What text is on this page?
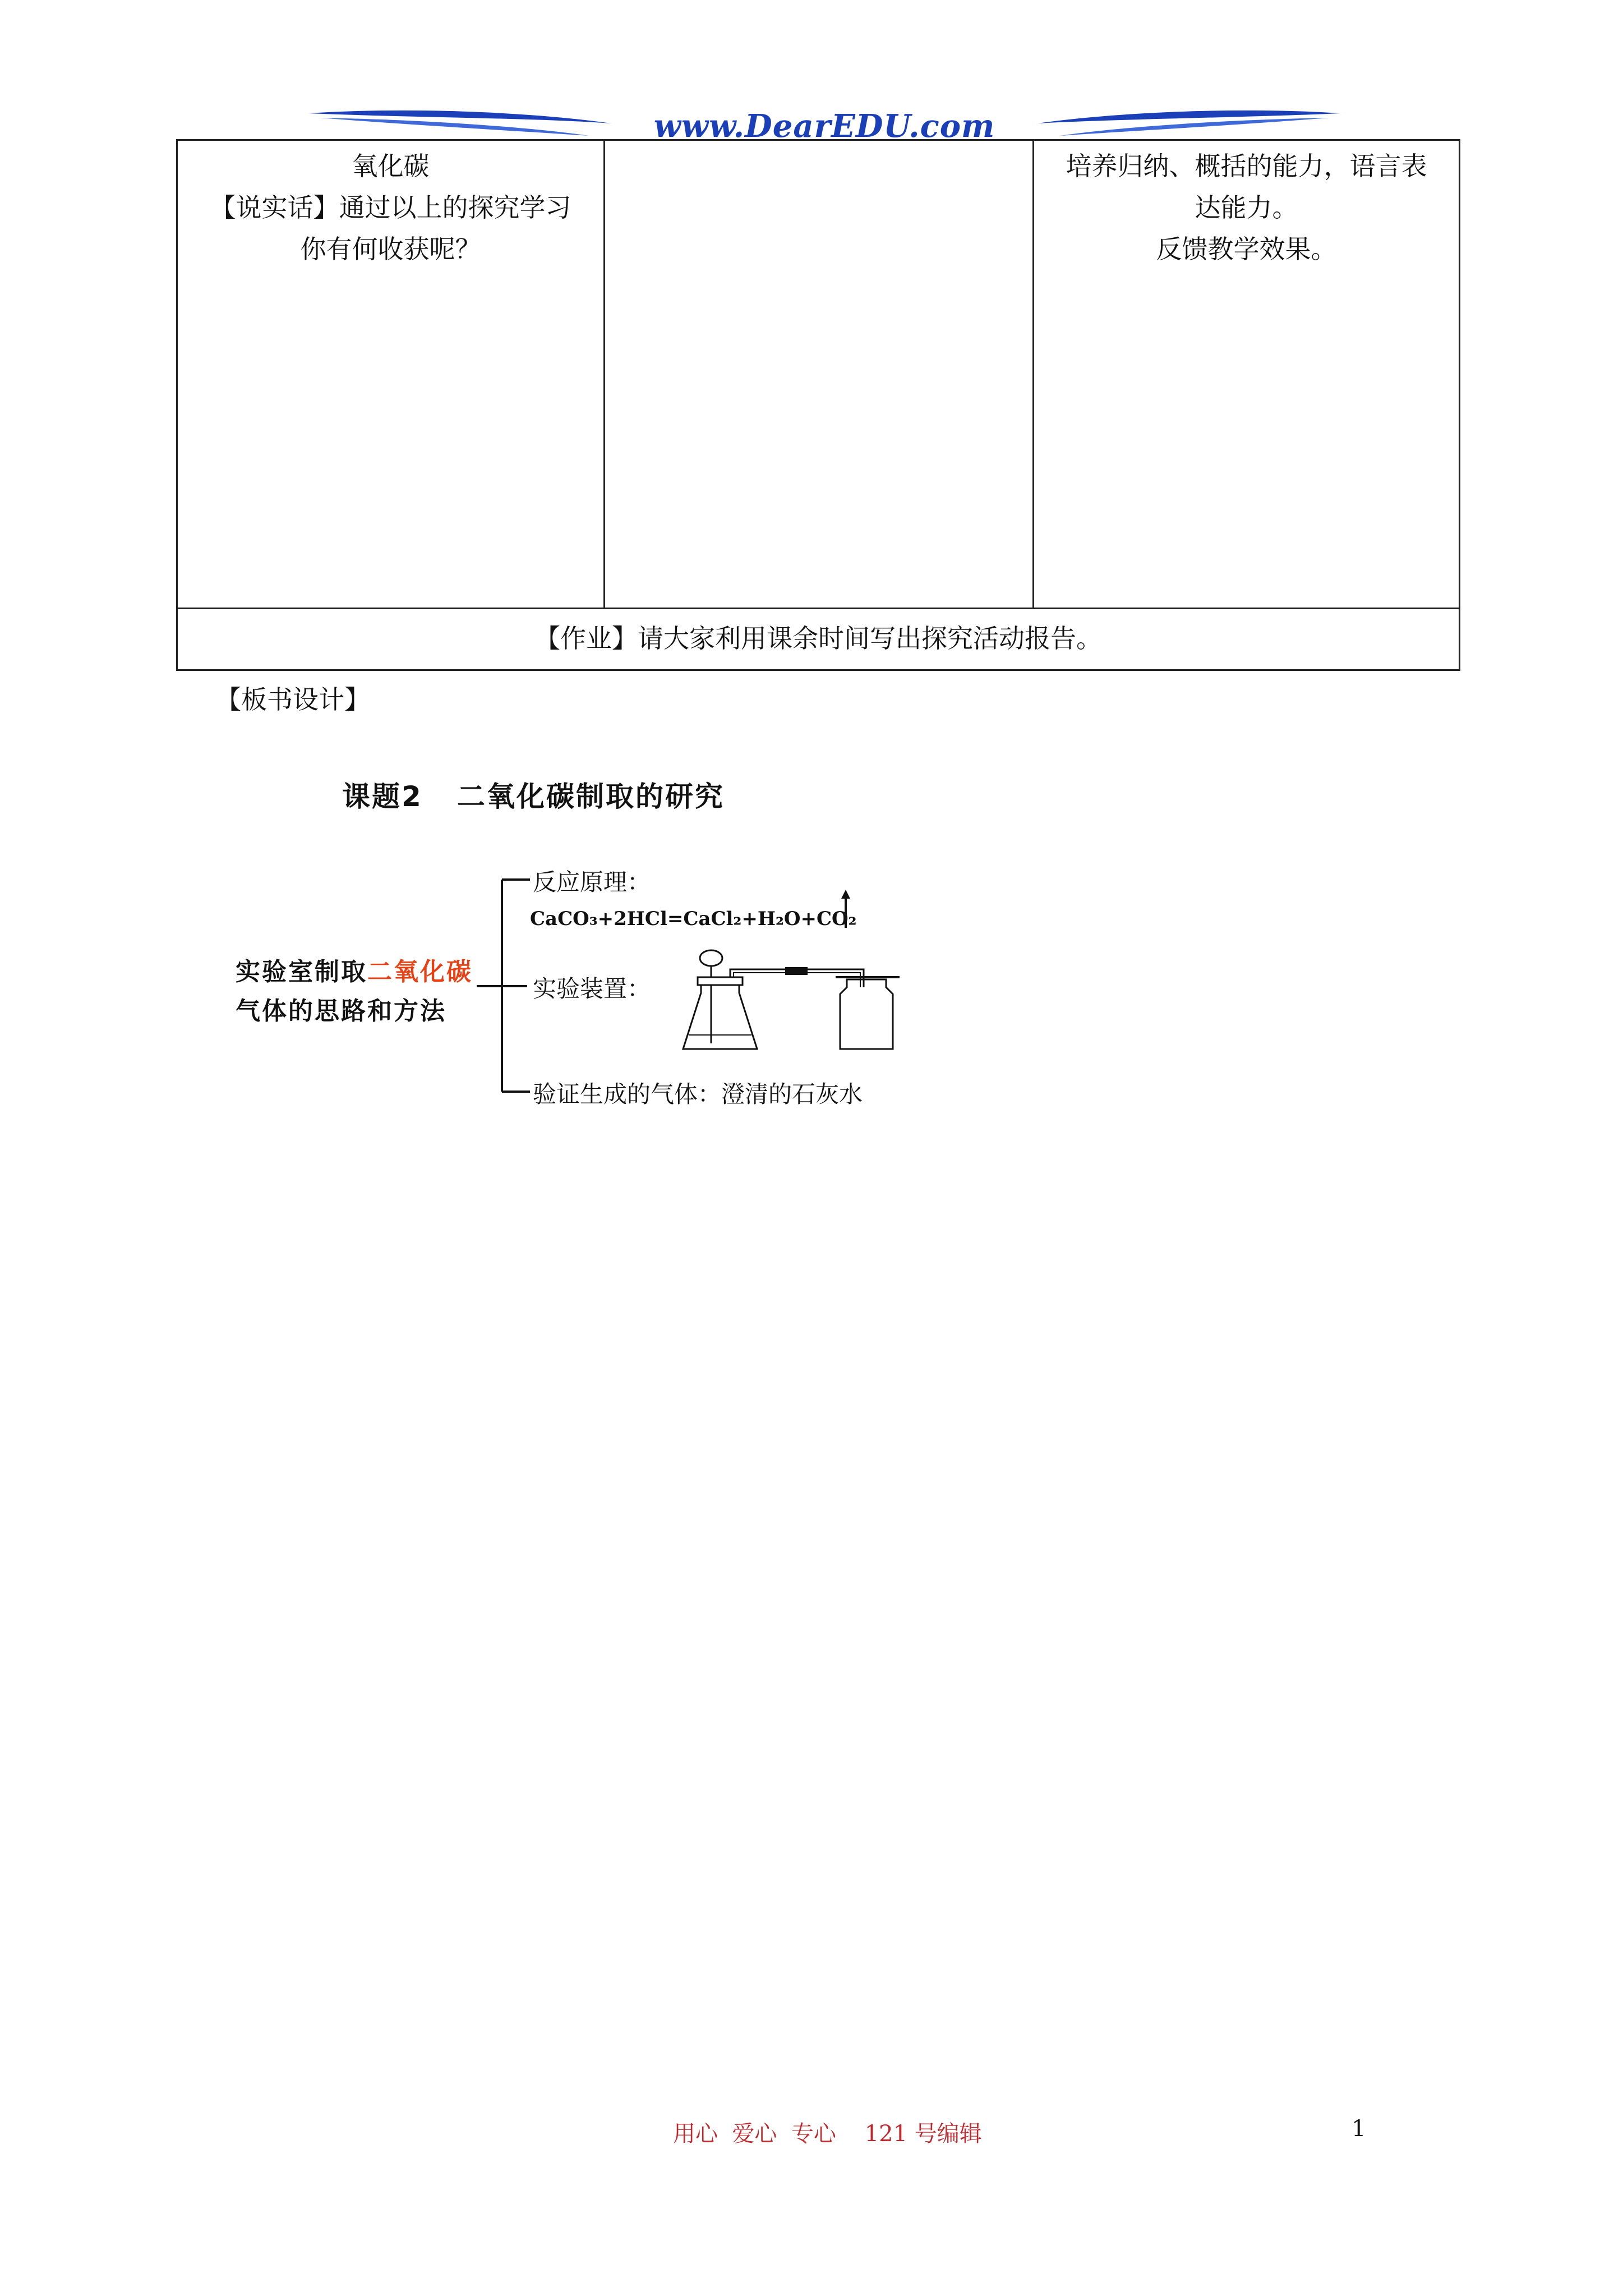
www.DearEDU.com

氧化碳

【说实话】通过以上的探究学习

你有何收获呢？

培养归纳、概括的能力，语言表

达能力。

反馈教学效果。

【作业】请大家利用课余时间写出探究活动报告。
【板书设计】
课题2   二氧化碳制取的研究
实验室制取二氧化碳
气体的思路和方法
反应原理：
CaCO₃+2HCl=CaCl₂+H₂O+CO₂
实验装置：
验证生成的气体：澄清的石灰水
用心  爱心  专心    121 号编辑	1
